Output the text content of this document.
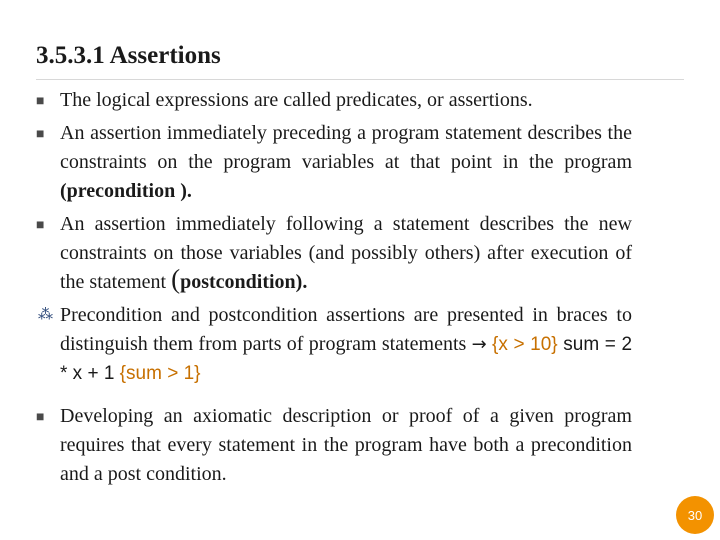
3.5.3.1 Assertions
■ The logical expressions are called predicates, or assertions.
■ An assertion immediately preceding a program statement describes the constraints on the program variables at that point in the program (precondition ).
■ An assertion immediately following a statement describes the new constraints on those variables (and possibly others) after execution of the statement (postcondition).
⁂ Precondition and postcondition assertions are presented in braces to distinguish them from parts of program statements → {x > 10} sum = 2 * x + 1 {sum > 1}
■ Developing an axiomatic description or proof of a given program requires that every statement in the program have both a precondition and a post condition.
30
